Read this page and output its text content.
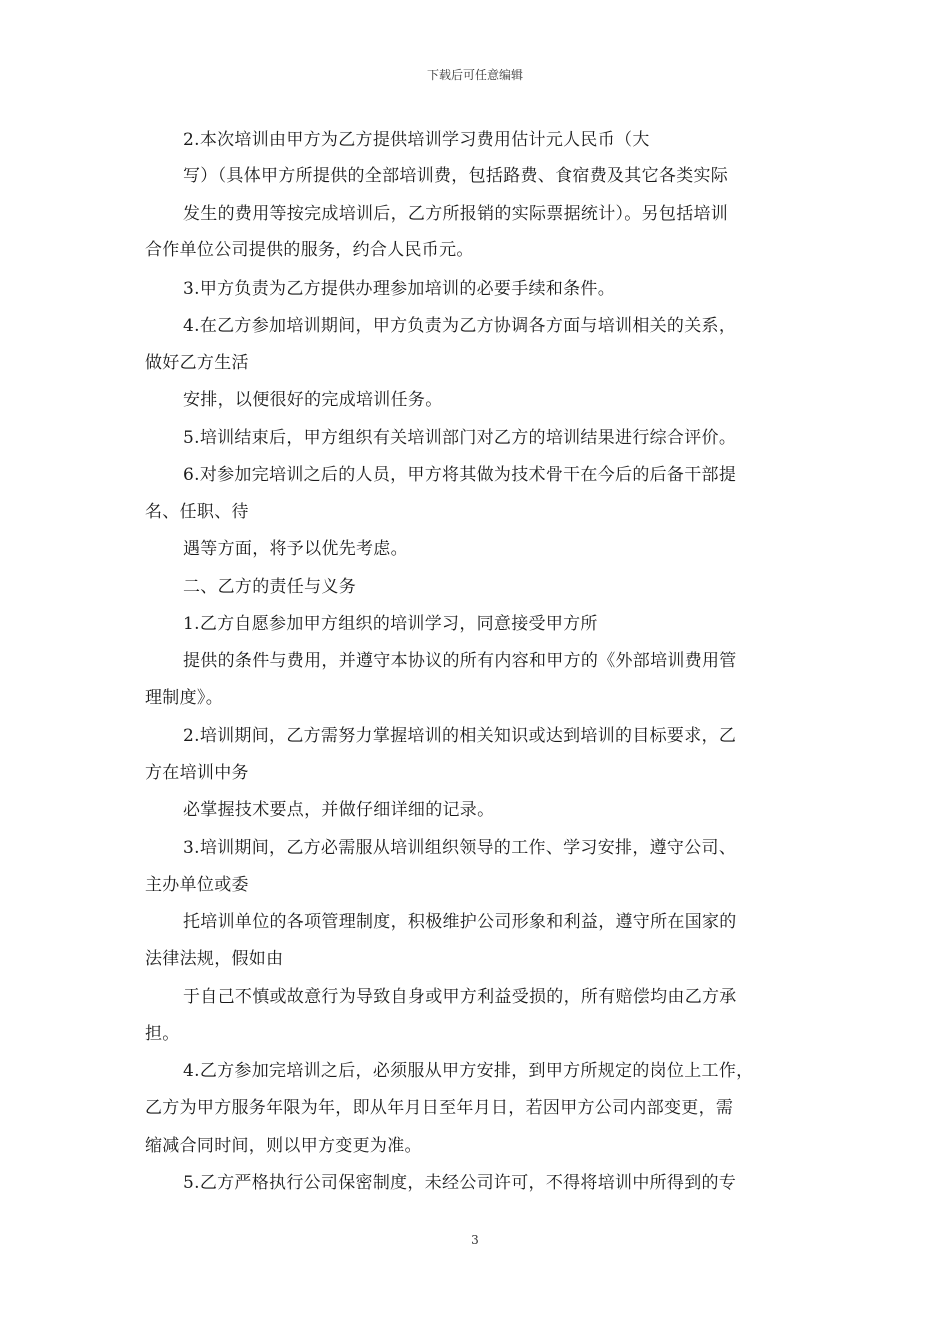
下载后可任意编辑
2.本次培训由甲方为乙方提供培训学习费用估计元人民币（大
写）（具体甲方所提供的全部培训费，包括路费、食宿费及其它各类实际
发生的费用等按完成培训后，乙方所报销的实际票据统计）。另包括培训
合作单位公司提供的服务，约合人民币元。
3.甲方负责为乙方提供办理参加培训的必要手续和条件。
4.在乙方参加培训期间，甲方负责为乙方协调各方面与培训相关的关系，
做好乙方生活
安排，以便很好的完成培训任务。
5.培训结束后，甲方组织有关培训部门对乙方的培训结果进行综合评价。
6.对参加完培训之后的人员，甲方将其做为技术骨干在今后的后备干部提
名、任职、待
遇等方面，将予以优先考虑。
二、乙方的责任与义务
1.乙方自愿参加甲方组织的培训学习，同意接受甲方所
提供的条件与费用，并遵守本协议的所有内容和甲方的《外部培训费用管
理制度》。
2.培训期间，乙方需努力掌握培训的相关知识或达到培训的目标要求，乙
方在培训中务
必掌握技术要点，并做仔细详细的记录。
3.培训期间，乙方必需服从培训组织领导的工作、学习安排，遵守公司、
主办单位或委
托培训单位的各项管理制度，积极维护公司形象和利益，遵守所在国家的
法律法规，假如由
于自己不慎或故意行为导致自身或甲方利益受损的，所有赔偿均由乙方承
担。
4.乙方参加完培训之后，必须服从甲方安排，到甲方所规定的岗位上工作，
乙方为甲方服务年限为年，即从年月日至年月日，若因甲方公司内部变更，需
缩减合同时间，则以甲方变更为准。
5.乙方严格执行公司保密制度，未经公司许可，不得将培训中所得到的专
3
